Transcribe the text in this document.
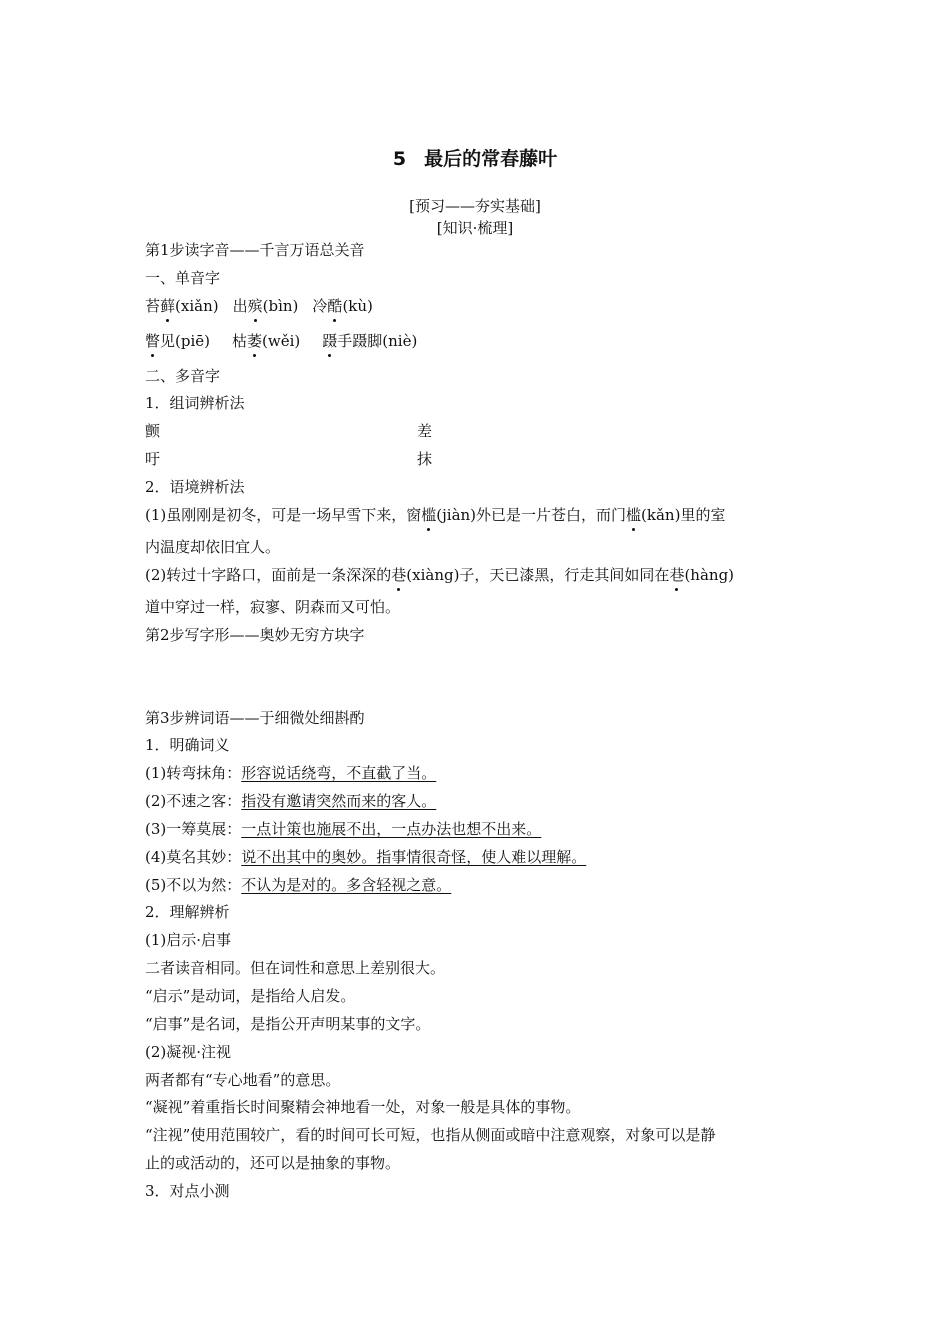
5 最后的常春藤叶
[预习——夯实基础]
[知识·梳理]
第1步读字音——千言万语总关音
一、单音字
苔藓(xiǎn) 出殡(bìn) 冷酷(kù)
瞥见(piē) 枯萎(wěi) 蹑手蹑脚(niè)
二、多音字
1．组词辨析法
颤	差
吁	抹
2．语境辨析法
(1)虽刚刚是初冬，可是一场早雪下来，窗槛(jiàn)外已是一片苍白，而门槛(kǎn)里的室
内温度却依旧宜人。
(2)转过十字路口，面前是一条深深的巷(xiàng)子，天已漆黑，行走其间如同在巷(hàng)
道中穿过一样，寂寥、阴森而又可怕。
第2步写字形——奥妙无穷方块字
第3步辨词语——于细微处细斟酌
1．明确词义
(1)转弯抹角：形容说话绕弯，不直截了当。
(2)不速之客：指没有邀请突然而来的客人。
(3)一筹莫展：一点计策也施展不出，一点办法也想不出来。
(4)莫名其妙：说不出其中的奥妙。指事情很奇怪，使人难以理解。
(5)不以为然：不认为是对的。多含轻视之意。
2．理解辨析
(1)启示·启事
二者读音相同。但在词性和意思上差别很大。
“启示”是动词，是指给人启发。
“启事”是名词，是指公开声明某事的文字。
(2)凝视·注视
两者都有“专心地看”的意思。
“凝视”着重指长时间聚精会神地看一处，对象一般是具体的事物。
“注视”使用范围较广，看的时间可长可短，也指从侧面或暗中注意观察，对象可以是静
止的或活动的，还可以是抽象的事物。
3．对点小测
